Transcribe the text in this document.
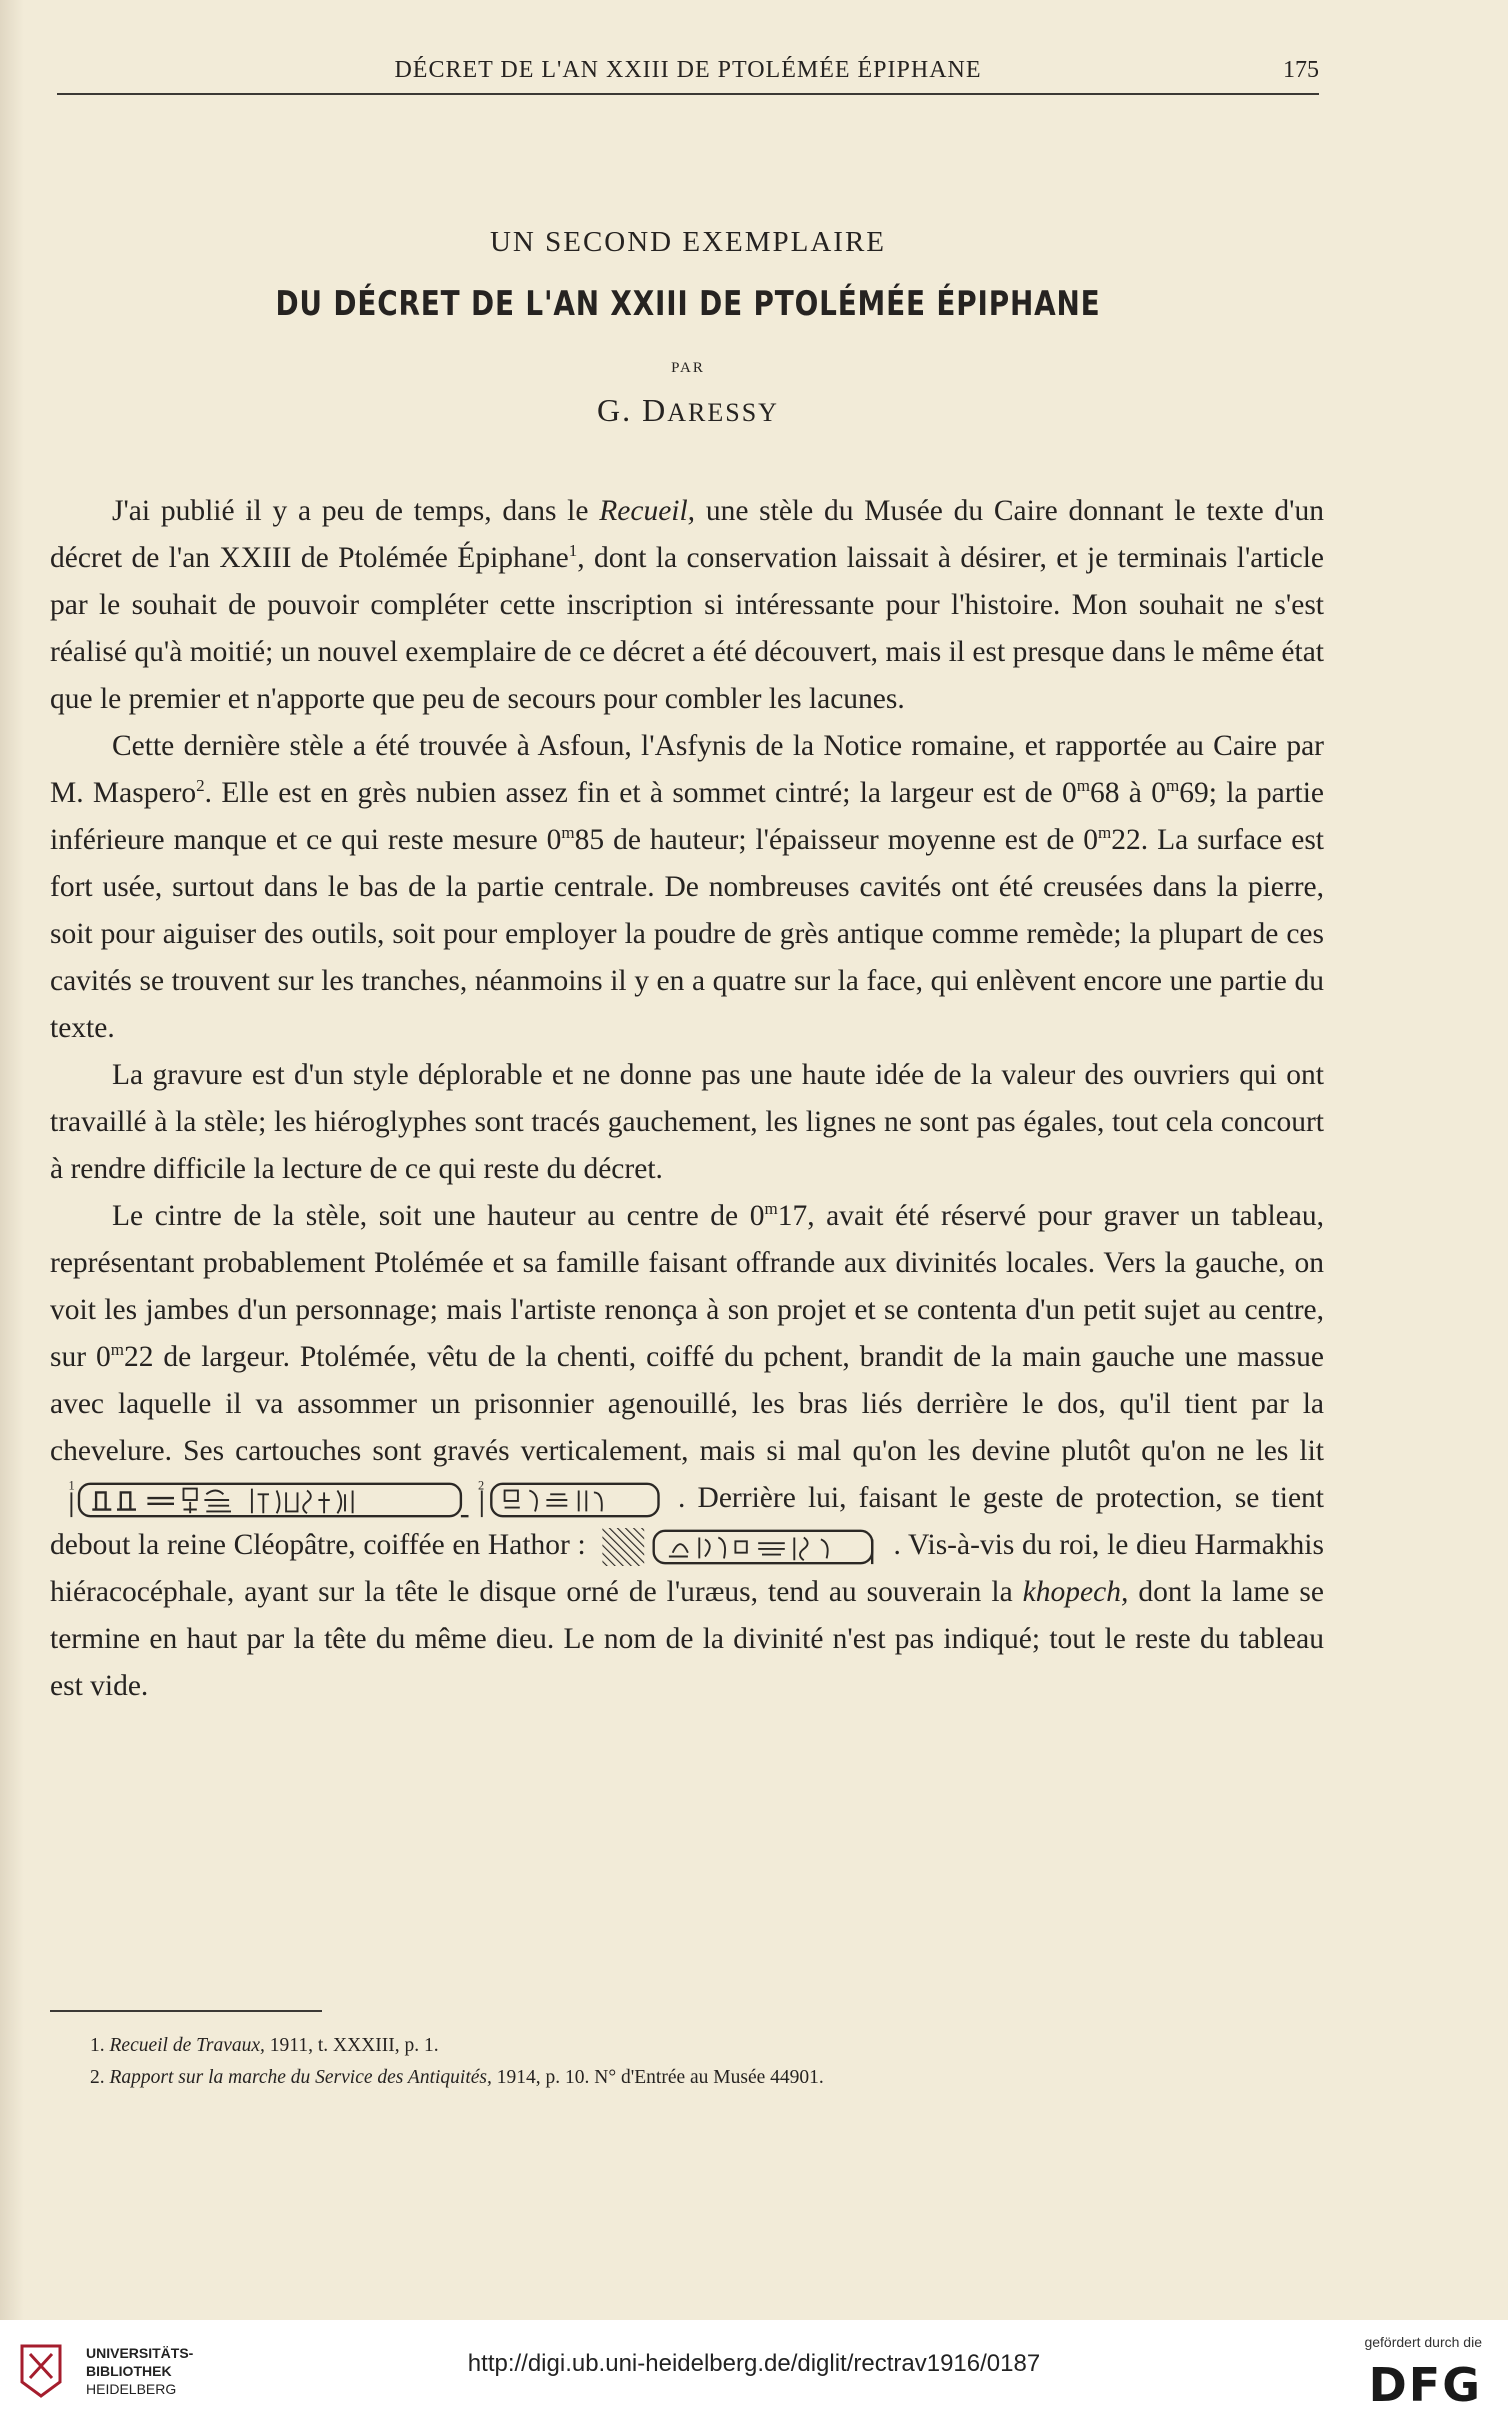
DÉCRET DE L'AN XXIII DE PTOLÉMÉE ÉPIPHANE	175
UN SECOND EXEMPLAIRE
DU DÉCRET DE L'AN XXIII DE PTOLÉMÉE ÉPIPHANE
PAR
G. DARESSY

J'ai publié il y a peu de temps, dans le Recueil, une stèle du Musée du Caire donnant le texte d'un décret de l'an XXIII de Ptolémée Épiphane$^1$, dont la conservation laissait à désirer, et je terminais l'article par le souhait de pouvoir compléter cette inscription si intéressante pour l'histoire. Mon souhait ne s'est réalisé qu'à moitié; un nouvel exemplaire de ce décret a été découvert, mais il est presque dans le même état que le premier et n'apporte que peu de secours pour combler les lacunes.

Cette dernière stèle a été trouvée à Asfoun, l'Asfynis de la Notice romaine, et rapportée au Caire par M. Maspero$^2$. Elle est en grès nubien assez fin et à sommet cintré; la largeur est de 0$^m$68 à 0$^m$69; la partie inférieure manque et ce qui reste mesure 0$^m$85 de hauteur; l'épaisseur moyenne est de 0$^m$22. La surface est fort usée, surtout dans le bas de la partie centrale. De nombreuses cavités ont été creusées dans la pierre, soit pour aiguiser des outils, soit pour employer la poudre de grès antique comme remède; la plupart de ces cavités se trouvent sur les tranches, néanmoins il y en a quatre sur la face, qui enlèvent encore une partie du texte.

La gravure est d'un style déplorable et ne donne pas une haute idée de la valeur des ouvriers qui ont travaillé à la stèle; les hiéroglyphes sont tracés gauchement, les lignes ne sont pas égales, tout cela concourt à rendre difficile la lecture de ce qui reste du décret.

Le cintre de la stèle, soit une hauteur au centre de 0$^m$17, avait été réservé pour graver un tableau, représentant probablement Ptolémée et sa famille faisant offrande aux divinités locales. Vers la gauche, on voit les jambes d'un personnage; mais l'artiste renonça à son projet et se contenta d'un petit sujet au centre, sur 0$^m$22 de largeur. Ptolémée, vêtu de la chenti, coiffé du pchent, brandit de la main gauche une massue avec laquelle il va assommer un prisonnier agenouillé, les bras liés derrière le dos, qu'il tient par la chevelure. Ses cartouches sont gravés verticalement, mais si mal qu'on les devine plutôt qu'on ne les lit
1	2	. Derrière lui, faisant le geste de protection, se tient debout la reine Cléopâtre, coiffée en Hathor :	. Vis-à-vis du roi, le dieu Harmakhis hiéracocéphale, ayant sur la tête le disque orné de l'uræus, tend au souverain la khopech, dont la lame se termine en haut par la tête du même dieu. Le nom de la divinité n'est pas indiqué; tout le reste du tableau est vide.

1. Recueil de Travaux, 1911, t. XXXIII, p. 1.
2. Rapport sur la marche du Service des Antiquités, 1914, p. 10. N° d'Entrée au Musée 44901.
UNIVERSITÄTS-
BIBLIOTHEK
HEIDELBERG
http://digi.ub.uni-heidelberg.de/diglit/rectrav1916/0187
gefördert durch die
DFG
